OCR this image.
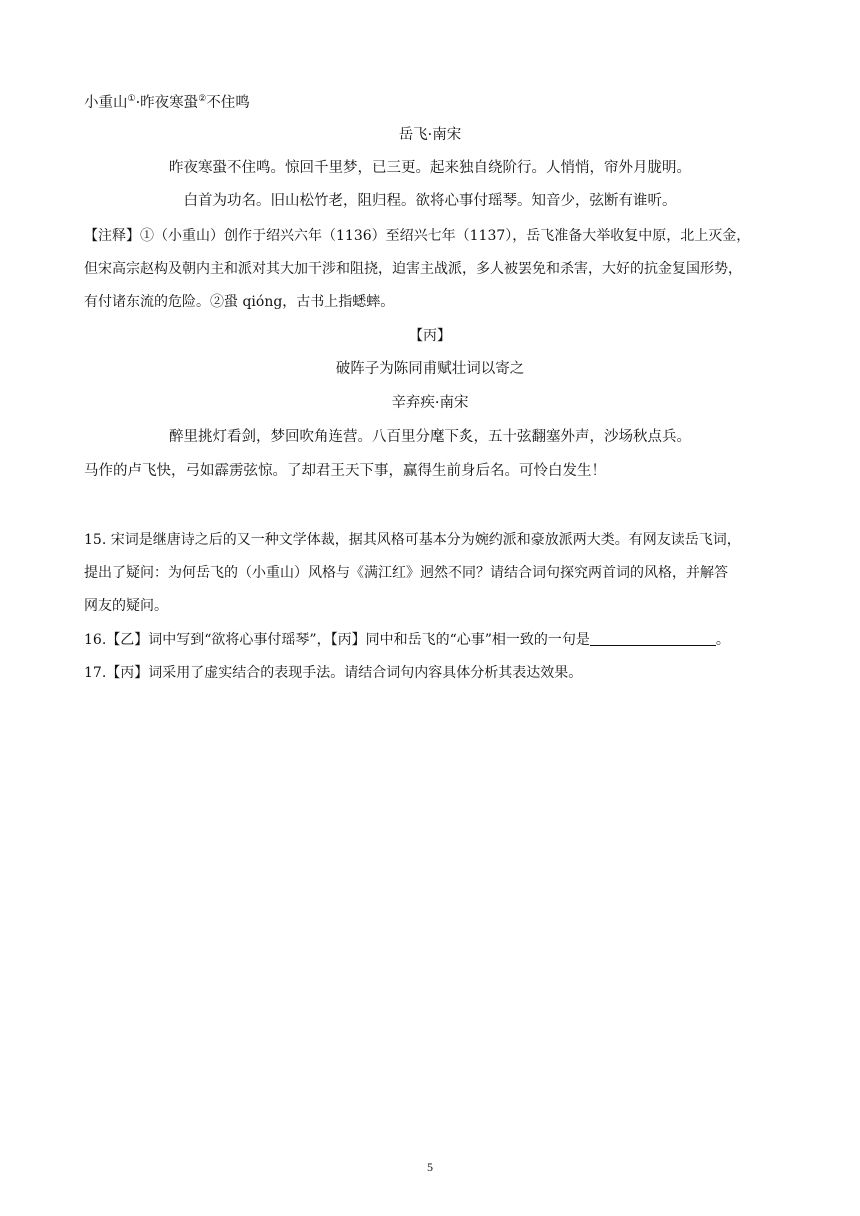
小重山①·昨夜寒蛩②不住鸣
岳飞·南宋
昨夜寒蛩不住鸣。惊回千里梦，已三更。起来独自绕阶行。人悄悄，帘外月胧明。
白首为功名。旧山松竹老，阻归程。欲将心事付瑶琴。知音少，弦断有谁听。
【注释】①（小重山）创作于绍兴六年（1136）至绍兴七年（1137），岳飞准备大举收复中原，北上灭金，
但宋高宗赵构及朝内主和派对其大加干涉和阻挠，迫害主战派，多人被罢免和杀害，大好的抗金复国形势，
有付诸东流的危险。②蛩 qióng，古书上指蟋蟀。
【丙】
破阵子为陈同甫赋壮词以寄之
辛弃疾·南宋
醉里挑灯看剑，梦回吹角连营。八百里分麾下炙，五十弦翻塞外声，沙场秋点兵。
马作的卢飞快，弓如霹雳弦惊。了却君王天下事，赢得生前身后名。可怜白发生！
15. 宋词是继唐诗之后的又一种文学体裁，据其风格可基本分为婉约派和豪放派两大类。有网友读岳飞词，
提出了疑问：为何岳飞的（小重山）风格与《满江红》迥然不同？请结合词句探究两首词的风格，并解答
网友的疑问。
16.【乙】词中写到“欲将心事付瑶琴”，【丙】同中和岳飞的“心事”相一致的一句是	。
17.【丙】词采用了虚实结合的表现手法。请结合词句内容具体分析其表达效果。
5
